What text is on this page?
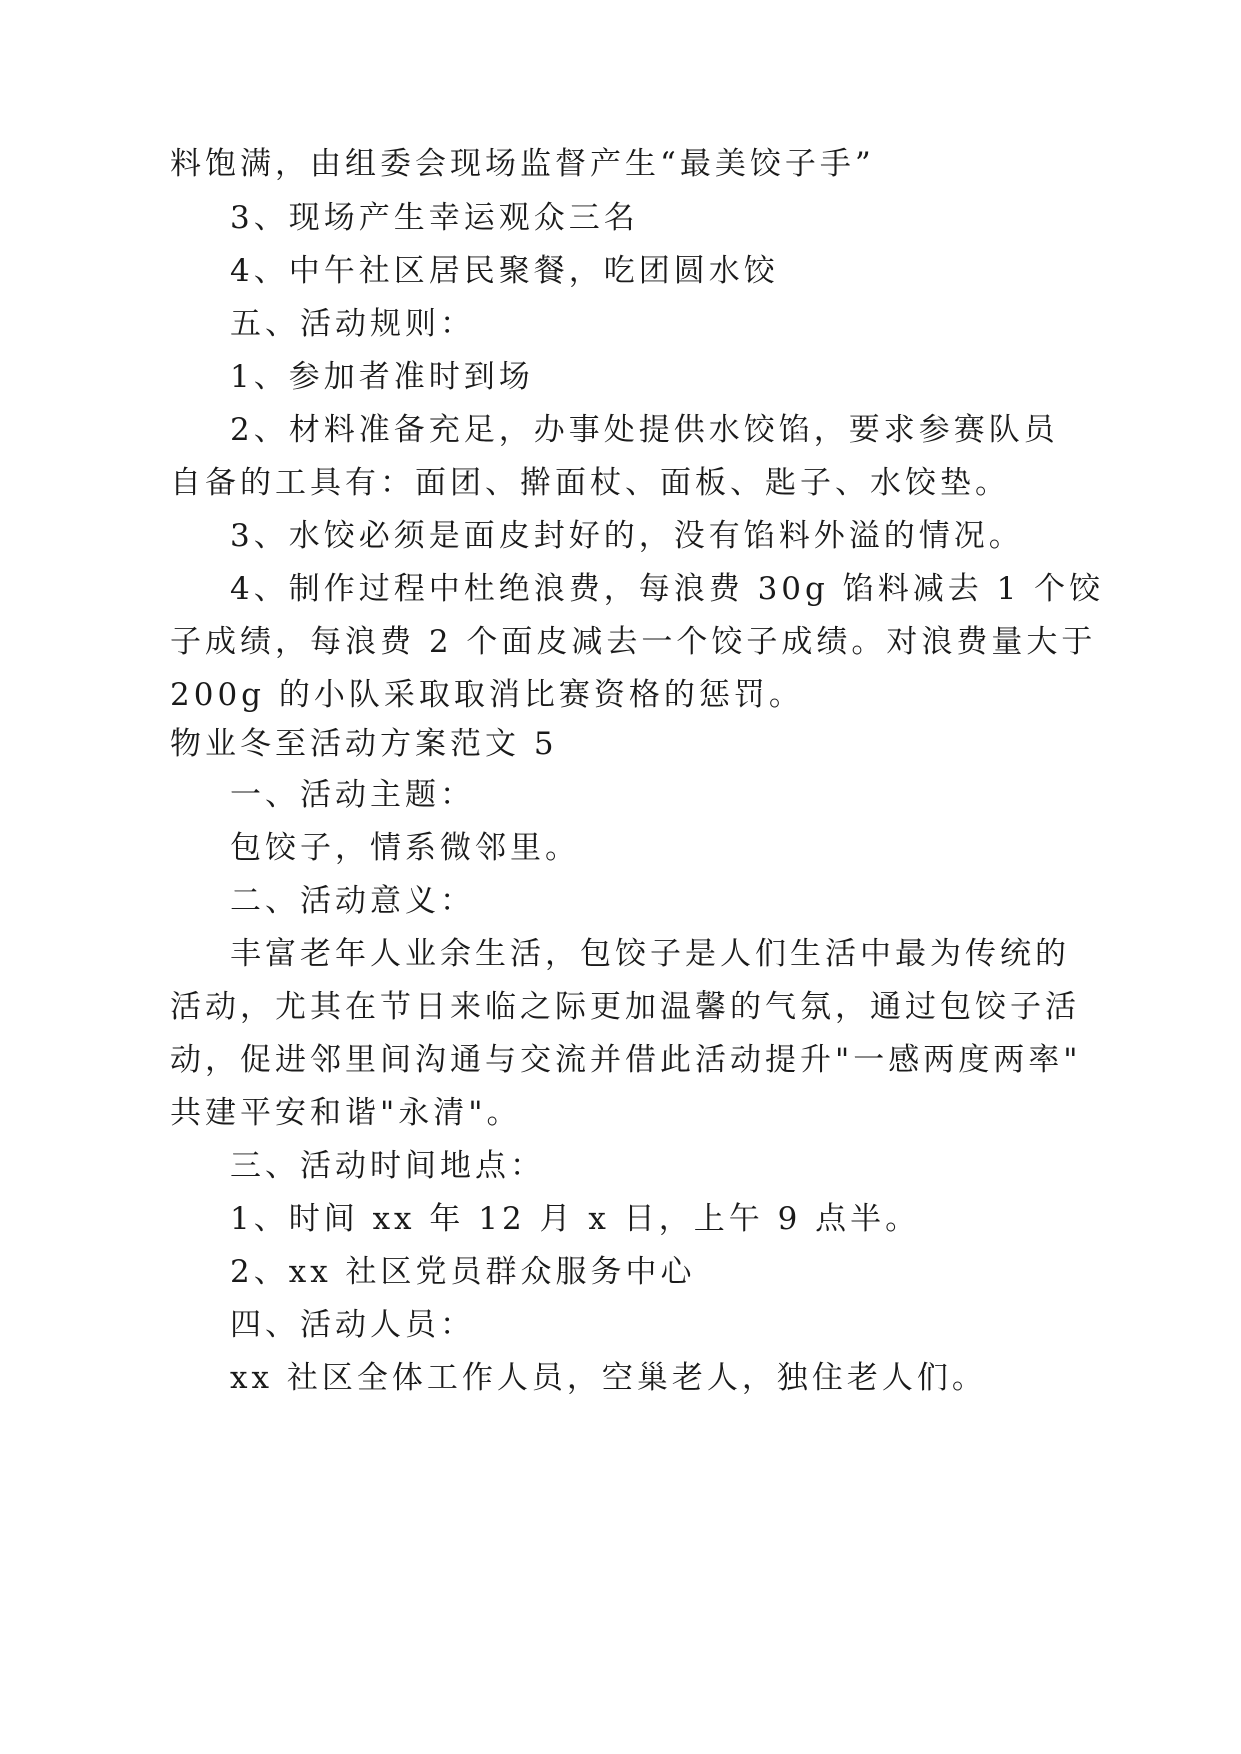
料饱满，由组委会现场监督产生“最美饺子手”
3、现场产生幸运观众三名
4、中午社区居民聚餐，吃团圆水饺
五、活动规则：
1、参加者准时到场
2、材料准备充足，办事处提供水饺馅，要求参赛队员
自备的工具有：面团、擀面杖、面板、匙子、水饺垫。
3、水饺必须是面皮封好的，没有馅料外溢的情况。
4、制作过程中杜绝浪费，每浪费 30g 馅料减去 1 个饺
子成绩，每浪费 2 个面皮减去一个饺子成绩。对浪费量大于
200g 的小队采取取消比赛资格的惩罚。
物业冬至活动方案范文 5
一、活动主题：
包饺子，情系微邻里。
二、活动意义：
丰富老年人业余生活，包饺子是人们生活中最为传统的
活动，尤其在节日来临之际更加温馨的气氛，通过包饺子活
动，促进邻里间沟通与交流并借此活动提升"一感两度两率"
共建平安和谐"永清"。
三、活动时间地点：
1、时间 xx 年 12 月 x 日，上午 9 点半。
2、xx 社区党员群众服务中心
四、活动人员：
xx 社区全体工作人员，空巢老人，独住老人们。
